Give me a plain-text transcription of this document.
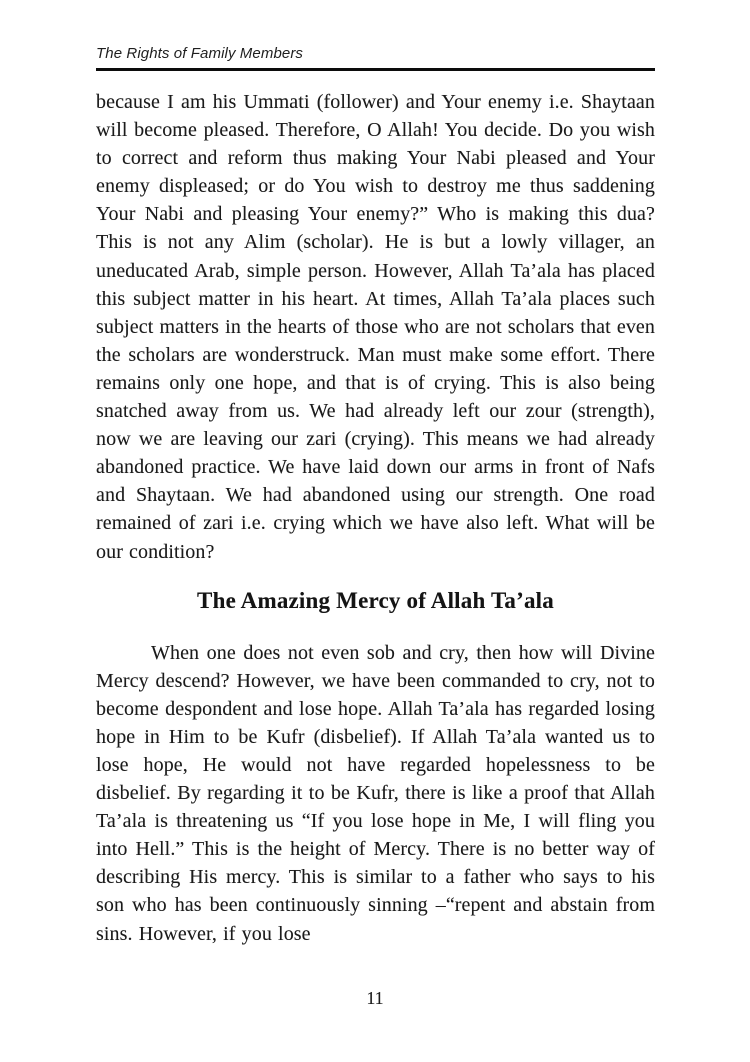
The Rights of Family Members

because I am his Ummati (follower) and Your enemy i.e. Shaytaan will become pleased. Therefore, O Allah! You decide. Do you wish to correct and reform thus making Your Nabi pleased and Your enemy displeased; or do You wish to destroy me thus saddening Your Nabi and pleasing Your enemy?” Who is making this dua? This is not any Alim (scholar). He is but a lowly villager, an uneducated Arab, simple person. However, Allah Ta’ala has placed this subject matter in his heart. At times, Allah Ta’ala places such subject matters in the hearts of those who are not scholars that even the scholars are wonderstruck. Man must make some effort. There remains only one hope, and that is of crying. This is also being snatched away from us. We had already left our zour (strength), now we are leaving our zari (crying). This means we had already abandoned practice. We have laid down our arms in front of Nafs and Shaytaan. We had abandoned using our strength. One road remained of zari i.e. crying which we have also left. What will be our condition?

The Amazing Mercy of Allah Ta’ala

When one does not even sob and cry, then how will Divine Mercy descend? However, we have been commanded to cry, not to become despondent and lose hope. Allah Ta’ala has regarded losing hope in Him to be Kufr (disbelief). If Allah Ta’ala wanted us to lose hope, He would not have regarded hopelessness to be disbelief. By regarding it to be Kufr, there is like a proof that Allah Ta’ala is threatening us “If you lose hope in Me, I will fling you into Hell.” This is the height of Mercy. There is no better way of describing His mercy. This is similar to a father who says to his son who has been continuously sinning –“repent and abstain from sins. However, if you lose

11
